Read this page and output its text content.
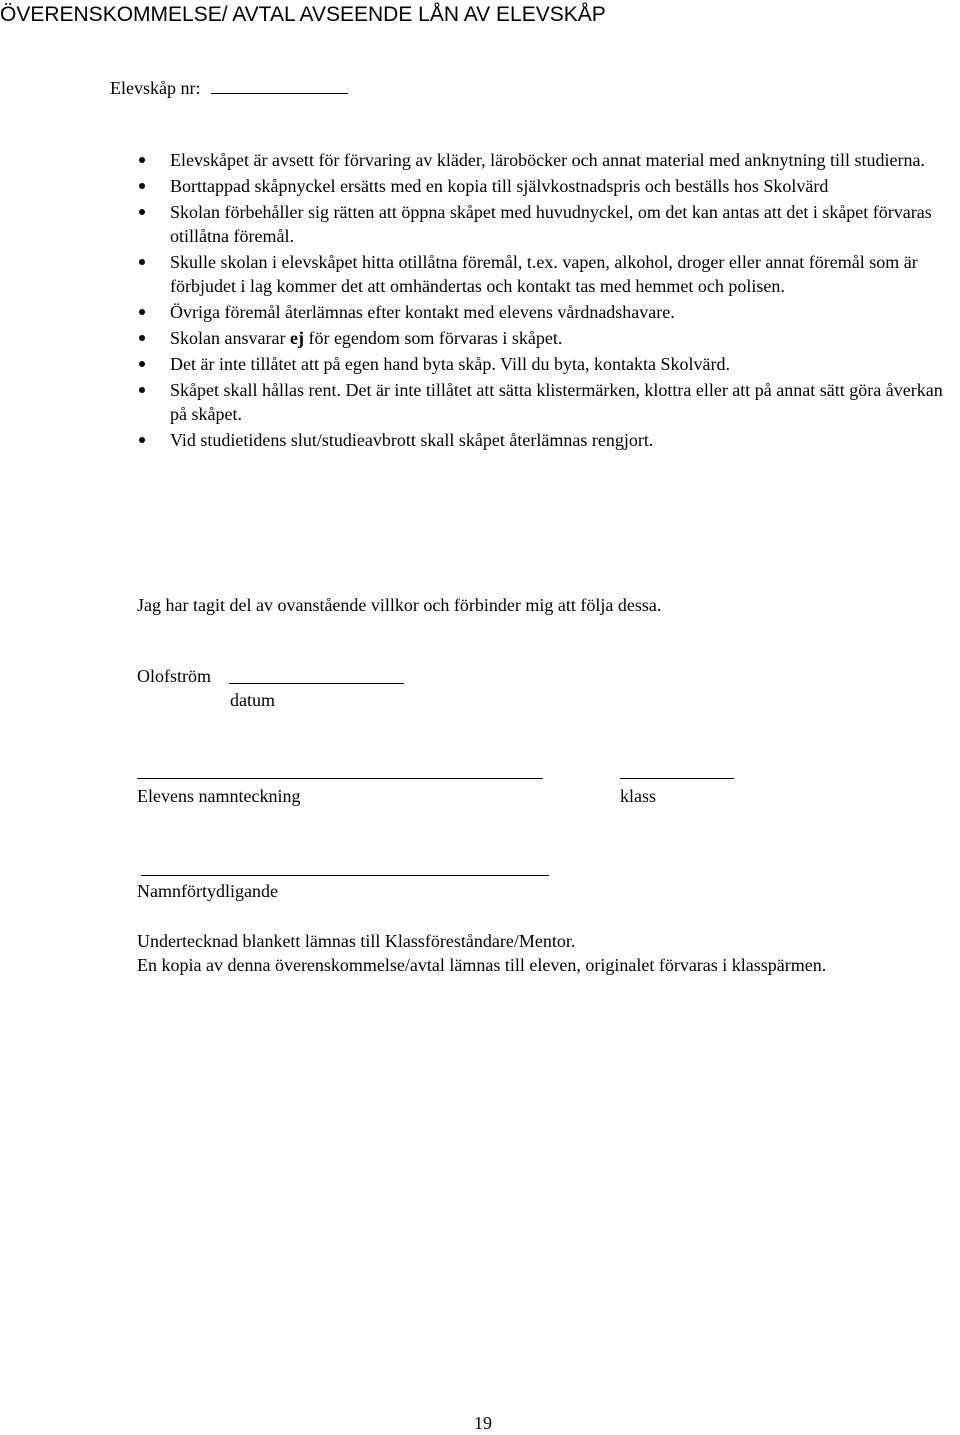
ÖVERENSKOMMELSE/ AVTAL AVSEENDE LÅN AV ELEVSKÅP
Elevskåp nr:
Elevskåpet är avsett för förvaring av kläder, läroböcker och annat material med anknytning till studierna.
Borttappad skåpnyckel ersätts med en kopia till självkostnadspris och beställs hos Skolvärd
Skolan förbehåller sig rätten att öppna skåpet med huvudnyckel, om det kan antas att det i skåpet förvaras otillåtna föremål.
Skulle skolan i elevskåpet hitta otillåtna föremål, t.ex. vapen, alkohol, droger eller annat föremål som är förbjudet i lag kommer det att omhändertas och kontakt tas med hemmet och polisen.
Övriga föremål återlämnas efter kontakt med elevens vårdnadshavare.
Skolan ansvarar ej för egendom som förvaras i skåpet.
Det är inte tillåtet att på egen hand byta skåp. Vill du byta, kontakta Skolvärd.
Skåpet skall hållas rent. Det är inte tillåtet att sätta klistermärken, klottra eller att på annat sätt göra åverkan på skåpet.
Vid studietidens slut/studieavbrott skall skåpet återlämnas rengjort.
Jag har tagit del av ovanstående villkor och förbinder mig att följa dessa.
Olofström
datum
Elevens namnteckning	klass
Namnförtydligande
Undertecknad blankett lämnas till Klassföreståndare/Mentor.
En kopia av denna överenskommelse/avtal lämnas till eleven, originalet förvaras i klasspärmen.
19
